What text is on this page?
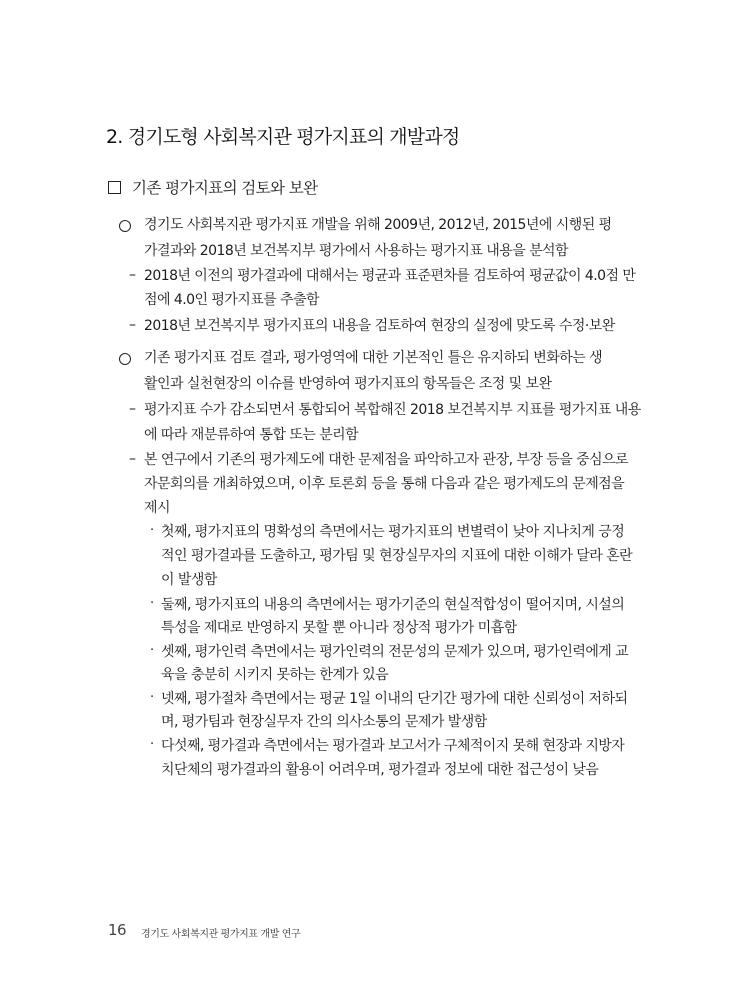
2. 경기도형 사회복지관 평가지표의 개발과정
기존 평가지표의 검토와 보완
경기도 사회복지관 평가지표 개발을 위해 2009년, 2012년, 2015년에 시행된 평
가결과와 2018년 보건복지부 평가에서 사용하는 평가지표 내용을 분석함
– 2018년 이전의 평가결과에 대해서는 평균과 표준편차를 검토하여 평균값이 4.0점 만
점에 4.0인 평가지표를 추출함
– 2018년 보건복지부 평가지표의 내용을 검토하여 현장의 실정에 맞도록 수정·보완
기존 평가지표 검토 결과, 평가영역에 대한 기본적인 틀은 유지하되 변화하는 생
활인과 실천현장의 이슈를 반영하여 평가지표의 항목들은 조정 및 보완
– 평가지표 수가 감소되면서 통합되어 복합해진 2018 보건복지부 지표를 평가지표 내용
에 따라 재분류하여 통합 또는 분리함
– 본 연구에서 기존의 평가제도에 대한 문제점을 파악하고자 관장, 부장 등을 중심으로
자문회의를 개최하였으며, 이후 토론회 등을 통해 다음과 같은 평가제도의 문제점을
제시
· 첫째, 평가지표의 명확성의 측면에서는 평가지표의 변별력이 낮아 지나치게 긍정
적인 평가결과를 도출하고, 평가팀 및 현장실무자의 지표에 대한 이해가 달라 혼란
이 발생함
· 둘째, 평가지표의 내용의 측면에서는 평가기준의 현실적합성이 떨어지며, 시설의
특성을 제대로 반영하지 못할 뿐 아니라 정상적 평가가 미흡함
· 셋째, 평가인력 측면에서는 평가인력의 전문성의 문제가 있으며, 평가인력에게 교
육을 충분히 시키지 못하는 한계가 있음
· 넷째, 평가절차 측면에서는 평균 1일 이내의 단기간 평가에 대한 신뢰성이 저하되
며, 평가팀과 현장실무자 간의 의사소통의 문제가 발생함
· 다섯째, 평가결과 측면에서는 평가결과 보고서가 구체적이지 못해 현장과 지방자
치단체의 평가결과의 활용이 어려우며, 평가결과 정보에 대한 접근성이 낮음
16 경기도 사회복지관 평가지표 개발 연구
